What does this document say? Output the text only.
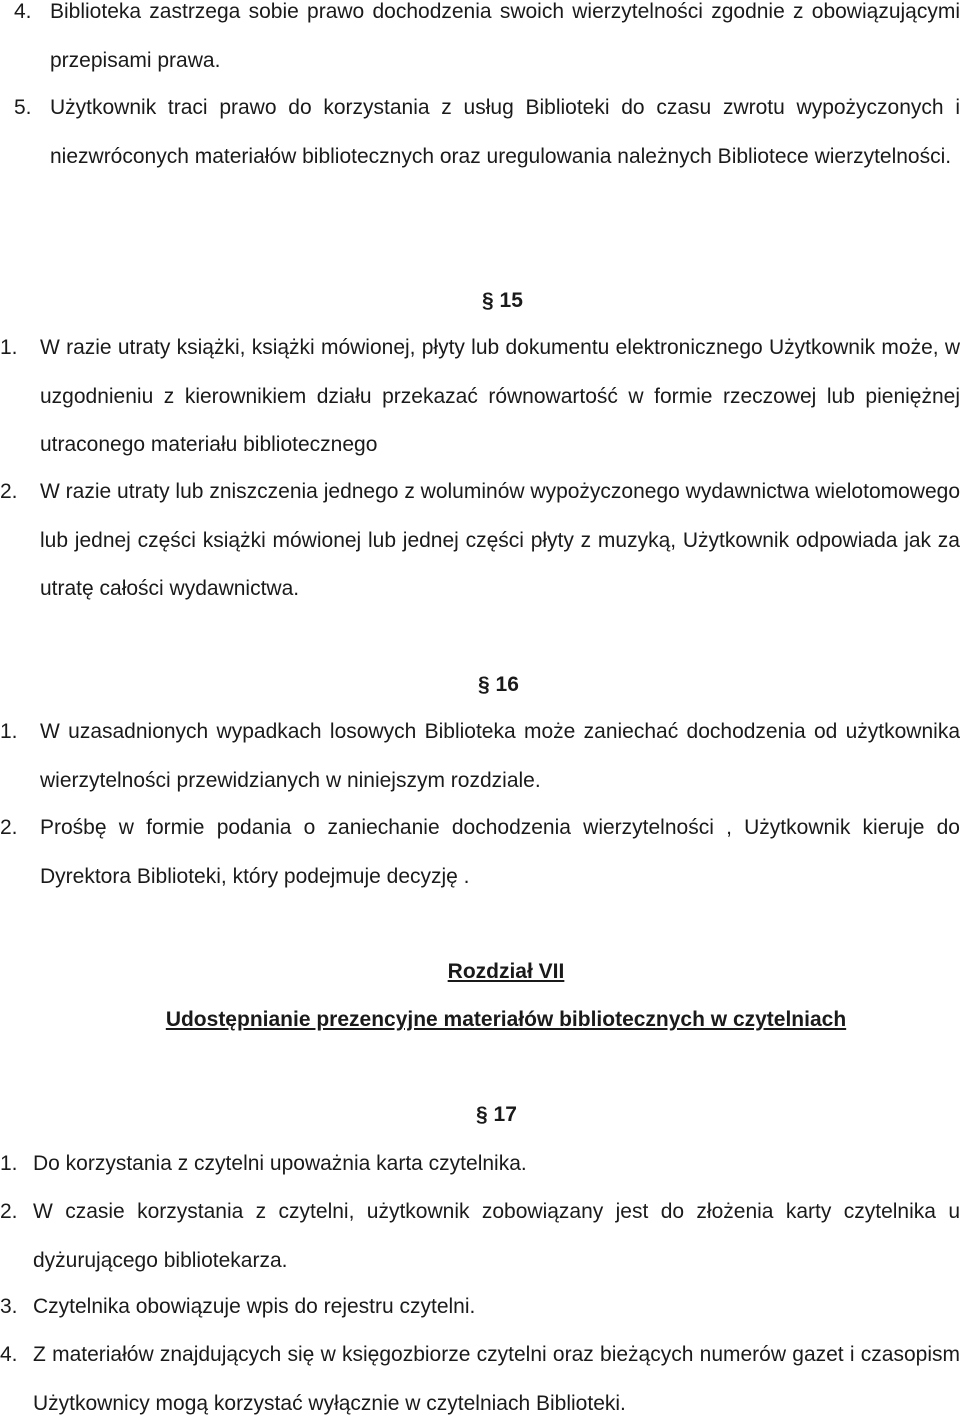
4. Biblioteka zastrzega sobie prawo dochodzenia swoich wierzytelności zgodnie z obowiązującymi przepisami prawa.
5. Użytkownik traci prawo do korzystania z usług Biblioteki do czasu zwrotu wypożyczonych i niezwróconych materiałów bibliotecznych oraz uregulowania należnych Bibliotece wierzytelności.
§ 15
1.	W razie utraty książki, książki mówionej, płyty lub dokumentu elektronicznego Użytkownik może, w uzgodnieniu z kierownikiem działu przekazać równowartość w formie rzeczowej lub pieniężnej utraconego materiału bibliotecznego
2.	W razie utraty lub zniszczenia jednego z woluminów wypożyczonego wydawnictwa wielotomowego lub jednej części książki mówionej lub jednej części płyty z muzyką, Użytkownik odpowiada jak za utratę całości wydawnictwa.
§ 16
1.	W uzasadnionych wypadkach losowych Biblioteka może zaniechać dochodzenia od użytkownika wierzytelności przewidzianych w niniejszym rozdziale.
2.	Prośbę w formie podania o zaniechanie dochodzenia wierzytelności , Użytkownik kieruje do Dyrektora Biblioteki, który podejmuje decyzję .
Rozdział VII
Udostępnianie prezencyjne materiałów bibliotecznych w czytelniach
§ 17
1. Do korzystania z czytelni upoważnia karta czytelnika.
2. W czasie korzystania z czytelni, użytkownik zobowiązany jest do złożenia karty czytelnika u dyżurującego bibliotekarza.
3. Czytelnika obowiązuje wpis do rejestru czytelni.
4. Z materiałów znajdujących się w księgozbiorze czytelni oraz bieżących numerów gazet i czasopism Użytkownicy mogą korzystać wyłącznie w czytelniach Biblioteki.
